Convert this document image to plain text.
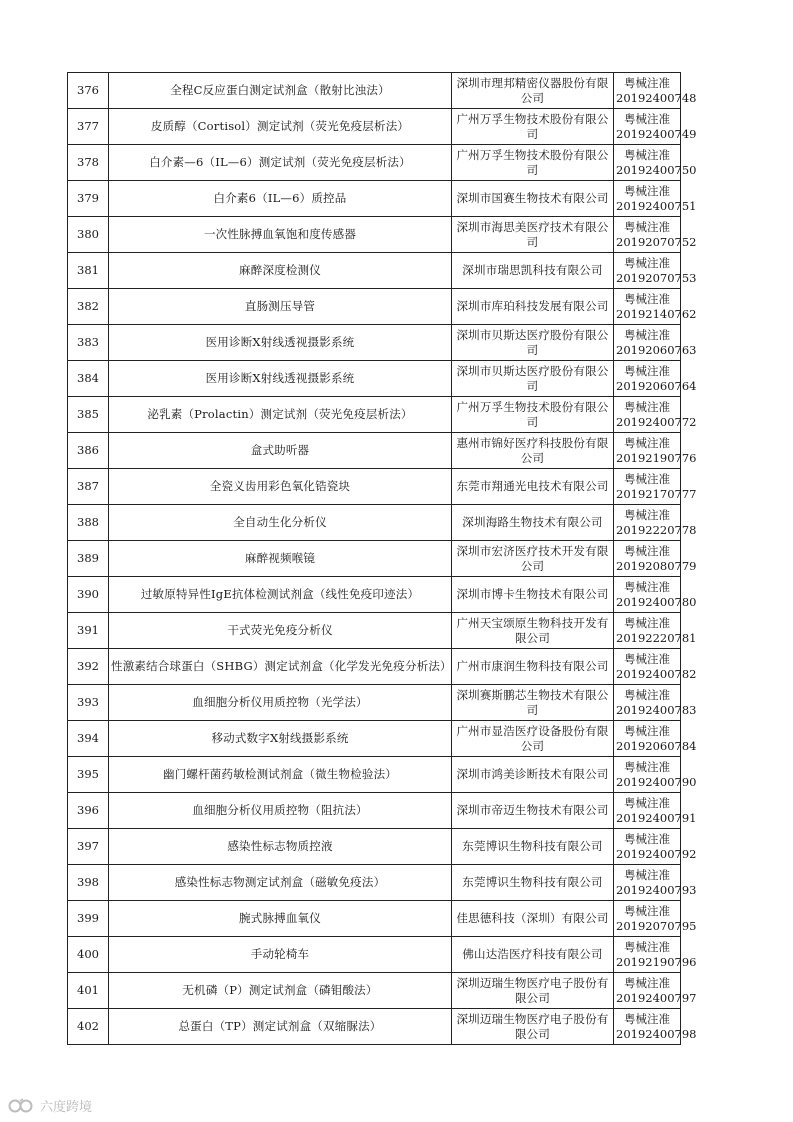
376	全程C反应蛋白测定试剂盒（散射比浊法）	深圳市理邦精密仪器股份有限公司	粤械注准20192400748
377	皮质醇（Cortisol）测定试剂（荧光免疫层析法）	广州万孚生物技术股份有限公司	粤械注准20192400749
378	白介素—6（IL—6）测定试剂（荧光免疫层析法）	广州万孚生物技术股份有限公司	粤械注准20192400750
379	白介素6（IL—6）质控品	深圳市国赛生物技术有限公司	粤械注准20192400751
380	一次性脉搏血氧饱和度传感器	深圳市海思美医疗技术有限公司	粤械注准20192070752
381	麻醉深度检测仪	深圳市瑞思凯科技有限公司	粤械注准20192070753
382	直肠测压导管	深圳市库珀科技发展有限公司	粤械注准20192140762
383	医用诊断X射线透视摄影系统	深圳市贝斯达医疗股份有限公司	粤械注准20192060763
384	医用诊断X射线透视摄影系统	深圳市贝斯达医疗股份有限公司	粤械注准20192060764
385	泌乳素（Prolactin）测定试剂（荧光免疫层析法）	广州万孚生物技术股份有限公司	粤械注准20192400772
386	盒式助听器	惠州市锦好医疗科技股份有限公司	粤械注准20192190776
387	全瓷义齿用彩色氧化锆瓷块	东莞市翔通光电技术有限公司	粤械注准20192170777
388	全自动生化分析仪	深圳海路生物技术有限公司	粤械注准20192220778
389	麻醉视频喉镜	深圳市宏济医疗技术开发有限公司	粤械注准20192080779
390	过敏原特异性IgE抗体检测试剂盒（线性免疫印迹法）	深圳市博卡生物技术有限公司	粤械注准20192400780
391	干式荧光免疫分析仪	广州天宝颂原生物科技开发有限公司	粤械注准20192220781
392	性激素结合球蛋白（SHBG）测定试剂盒（化学发光免疫分析法）	广州市康润生物科技有限公司	粤械注准20192400782
393	血细胞分析仪用质控物（光学法）	深圳赛斯鹏芯生物技术有限公司	粤械注准20192400783
394	移动式数字X射线摄影系统	广州市显浩医疗设备股份有限公司	粤械注准20192060784
395	幽门螺杆菌药敏检测试剂盒（微生物检验法）	深圳市鸿美诊断技术有限公司	粤械注准20192400790
396	血细胞分析仪用质控物（阻抗法）	深圳市帝迈生物技术有限公司	粤械注准20192400791
397	感染性标志物质控液	东莞博识生物科技有限公司	粤械注准20192400792
398	感染性标志物测定试剂盒（磁敏免疫法）	东莞博识生物科技有限公司	粤械注准20192400793
399	腕式脉搏血氧仪	佳思德科技（深圳）有限公司	粤械注准20192070795
400	手动轮椅车	佛山达浩医疗科技有限公司	粤械注准20192190796
401	无机磷（P）测定试剂盒（磷钼酸法）	深圳迈瑞生物医疗电子股份有限公司	粤械注准20192400797
402	总蛋白（TP）测定试剂盒（双缩脲法）	深圳迈瑞生物医疗电子股份有限公司	粤械注准20192400798
六度跨境
